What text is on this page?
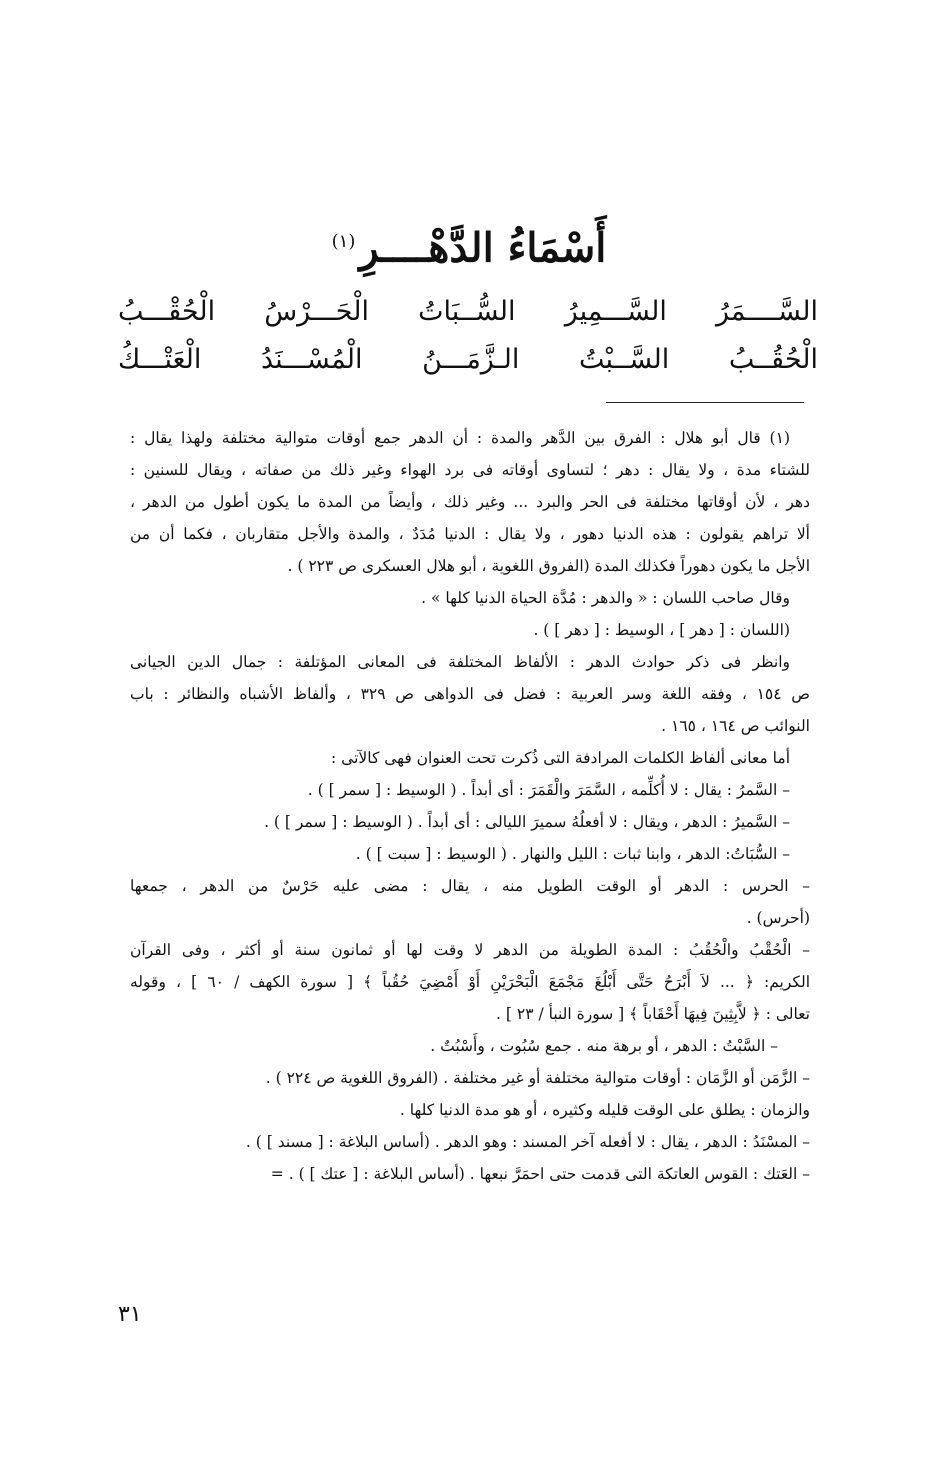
أَسْمَاءُ الدَّهْــــرِ$^{(١)}$
السَّــــمَرُ
السَّـــمِيرُ
السُّــبَاتُ
الْحَـــرْسُ
الْحُقْـــبُ
الْحُقُــبُ
السَّــبْتُ
الـزَّمَـــنُ
الْمُسْـــنَدُ
الْعَتْـــكُ
(١) قال أبو هلال : الفرق بين الدَّهر والمدة : أن الدهر جمع أوقات متوالية مختلفة ولهذا يقال :
للشتاء مدة ، ولا يقال : دهر ؛ لتساوى أوقاته فى برد الهواء وغير ذلك من صفاته ، ويقال للسنين :
دهر ، لأن أوقاتها مختلفة فى الحر والبرد ... وغير ذلك ، وأيضاً من المدة ما يكون أطول من الدهر ،
ألا تراهم يقولون : هذه الدنيا دهور ، ولا يقال : الدنيا مُدَدٌ ، والمدة والأجل متقاربان ، فكما أن من
الأجل ما يكون دهوراً فكذلك المدة (الفروق اللغوية ، أبو هلال العسكرى ص ٢٢٣ ) .
وقال صاحب اللسان : « والدهر : مُدَّة الحياة الدنيا كلها » .
(اللسان : [ دهر ] ، الوسيط : [ دهر ] ) .
وانظر فى ذكر حوادث الدهر : الألفاظ المختلفة فى المعانى المؤتلفة : جمال الدين الجيانى
ص ١٥٤ ، وفقه اللغة وسر العربية : فضل فى الدواهى ص ٣٢٩ ، وألفاظ الأشباه والنظائر : باب
النوائب ص ١٦٤ ، ١٦٥ .
أما معانى ألفاظ الكلمات المرادفة التى ذُكرت تحت العنوان فهى كالآتى :
– السَّمرُ : يقال : لا أُكلِّمه ، السَّمَرَ والْقَمَرَ : أى أبداً . ( الوسيط : [ سمر ] ) .
– السَّميرُ : الدهر ، ويقال : لا أفعلُهُ سميرَ الليالى : أى أبداً . ( الوسيط : [ سمر ] ) .
– السُّبَاتُ: الدهر ، وابنا ثبات : الليل والنهار . ( الوسيط : [ سبت ] ) .
– الحرس : الدهر أو الوقت الطويل منه ، يقال : مضى عليه حَرْسٌ من الدهر ، جمعها
(أحرس) .
– الْحُقْبُ والْحُقُبُ : المدة الطويلة من الدهر لا وقت لها أو ثمانون سنة أو أكثر ، وفى القرآن
الكريم: ﴿ ... لاَ أَبْرَحُ حَتَّى أَبْلُغَ مَجْمَعَ الْبَحْرَيْنِ أَوْ أَمْضِيَ حُقُباً ﴾ [ سورة الكهف / ٦٠ ] ، وقوله
تعالى : ﴿ لاَّبِثِينَ فِيهَا أَحْقَاباً ﴾ [ سورة النبأ / ٢٣ ] .
– السَّبْتُ : الدهر ، أو برهة منه . جمع سُبُوت ، وأَسْبُتٌ .
– الزَّمَن أو الزَّمَان : أوقات متوالية مختلفة أو غير مختلفة . (الفروق اللغوية ص ٢٢٤ ) .
والزمان : يطلق على الوقت قليله وكثيره ، أو هو مدة الدنيا كلها .
– المسْنَدُ : الدهر ، يقال : لا أفعله آخر المسند : وهو الدهر . (أساس البلاغة : [ مسند ] ) .
– العَتك : القوس العاتكة التى قدمت حتى احمَرَّ نبعها . (أساس البلاغة : [ عتك ] ) . =
٣١
